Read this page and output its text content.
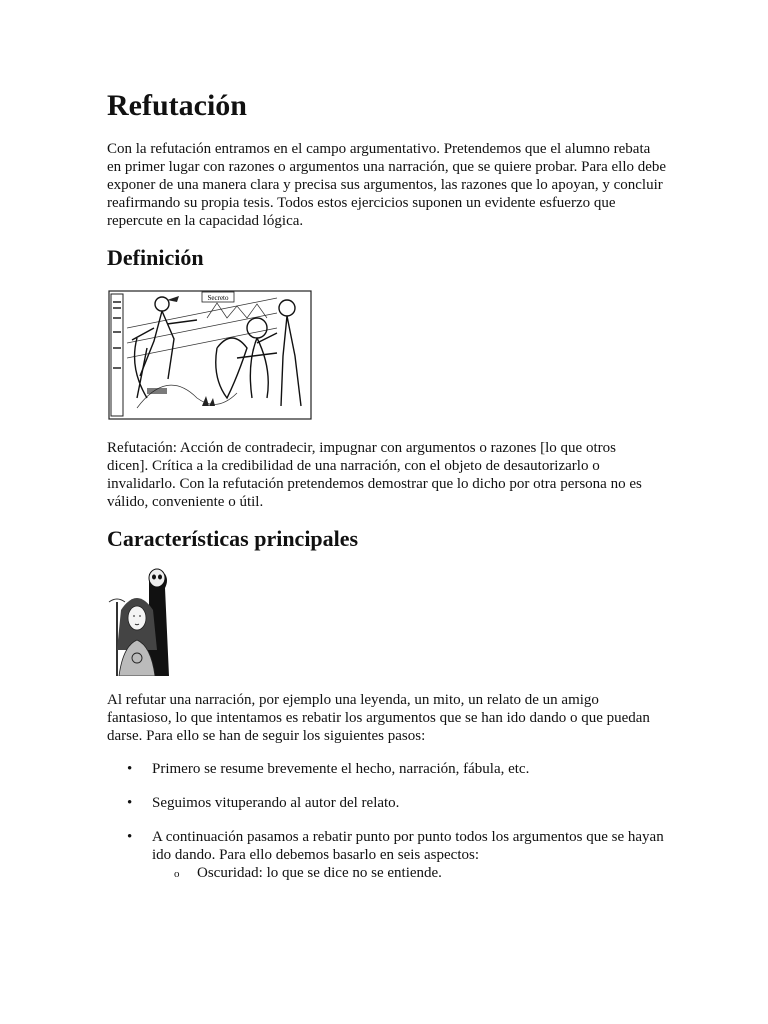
Refutación

Con la refutación entramos en el campo argumentativo. Pretendemos que el alumno rebata en primer lugar con razones o argumentos una narración, que se quiere probar. Para ello debe exponer de una manera clara y precisa sus argumentos, las razones que lo apoyan, y concluir reafirmando su propia tesis. Todos estos ejercicios suponen un evidente esfuerzo que repercute en la capacidad lógica.

Definición
Secreto

Refutación: Acción de contradecir, impugnar con argumentos o razones [lo que otros dicen]. Crítica a la credibilidad de una narración, con el objeto de desautorizarlo o invalidarlo. Con la refutación pretendemos demostrar que lo dicho por otra persona no es válido, conveniente o útil.

Características principales

Al refutar una narración, por ejemplo una leyenda, un mito, un relato de un amigo fantasioso, lo que intentamos es rebatir los argumentos que se han ido dando o que puedan darse. Para ello se han de seguir los siguientes pasos:

• Primero se resume brevemente el hecho, narración, fábula, etc.
• Seguimos vituperando al autor del relato.
• A continuación pasamos a rebatir punto por punto todos los argumentos que se hayan ido dando. Para ello debemos basarlo en seis aspectos:
o Oscuridad: lo que se dice no se entiende.
